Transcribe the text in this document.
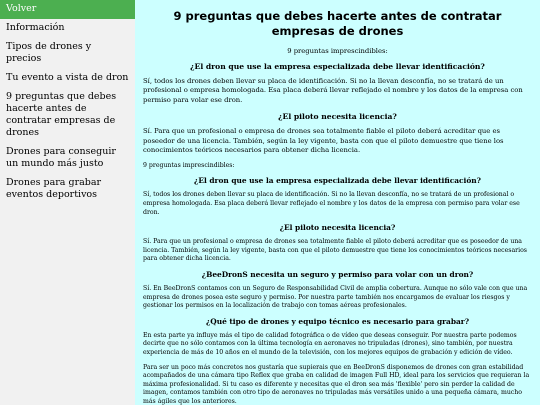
Volver
Información
Tipos de drones y precios
Tu evento a vista de dron
9 preguntas que debes hacerte antes de contratar empresas de drones
Drones para conseguir un mundo más justo
Drones para grabar eventos deportivos
9 preguntas que debes hacerte antes de contratar empresas de drones
9 preguntas imprescindibles:
¿El dron que use la empresa especializada debe llevar identificación?

Sí, todos los drones deben llevar su placa de identificación. Si no la llevan desconfía, no se tratará de un profesional o empresa homologada. Esa placa deberá llevar reflejado el nombre y los datos de la empresa con permiso para volar ese dron.

¿El piloto necesita licencia?

Sí. Para que un profesional o empresa de drones sea totalmente fiable el piloto deberá acreditar que es poseedor de una licencia. También, según la ley vigente, basta con que el piloto demuestre que tiene los conocimientos teóricos necesarios para obtener dicha licencia.

9 preguntas imprescindibles:
¿El dron que use la empresa especializada debe llevar identificación?

Sí, todos los drones deben llevar su placa de identificación. Si no la llevan desconfía, no se tratará de un profesional o empresa homologada. Esa placa deberá llevar reflejado el nombre y los datos de la empresa con permiso para volar ese dron.

¿El piloto necesita licencia?

Sí. Para que un profesional o empresa de drones sea totalmente fiable el piloto deberá acreditar que es poseedor de una licencia. También, según la ley vigente, basta con que el piloto demuestre que tiene los conocimientos teóricos necesarios para obtener dicha licencia.

¿BeeDronS necesita un seguro y permiso para volar con un dron?

Sí. En BeeDronS contamos con un Seguro de Responsabilidad Civil de amplia cobertura. Aunque no sólo vale con que una empresa de drones posea este seguro y permiso. Por nuestra parte también nos encargamos de evaluar los riesgos y gestionar los permisos en la localización de trabajo con tomas aéreas profesionales.

¿Qué tipo de drones y equipo técnico es necesario para grabar?

En esta parte ya influye más el tipo de calidad fotográfica o de vídeo que deseas conseguir. Por nuestra parte podemos decirte que no sólo contamos con la última tecnología en aeronaves no tripuladas (drones), sino también, por nuestra experiencia de más de 10 años en el mundo de la televisión, con los mejores equipos de grabación y edición de vídeo.

Para ser un poco más concretos nos gustaría que supierais que en BeeDronS disponemos de drones con gran estabilidad acompañados de una cámara tipo Reflex que graba en calidad de imagen Full HD, ideal para los servicios que requieran la máxima profesionalidad. Si tu caso es diferente y necesitas que el dron sea más 'flexible' pero sin perder la calidad de imagen, contamos también con otro tipo de aeronaves no tripuladas más versátiles unido a una pequeña cámara, mucho más ágiles que los anteriores.
